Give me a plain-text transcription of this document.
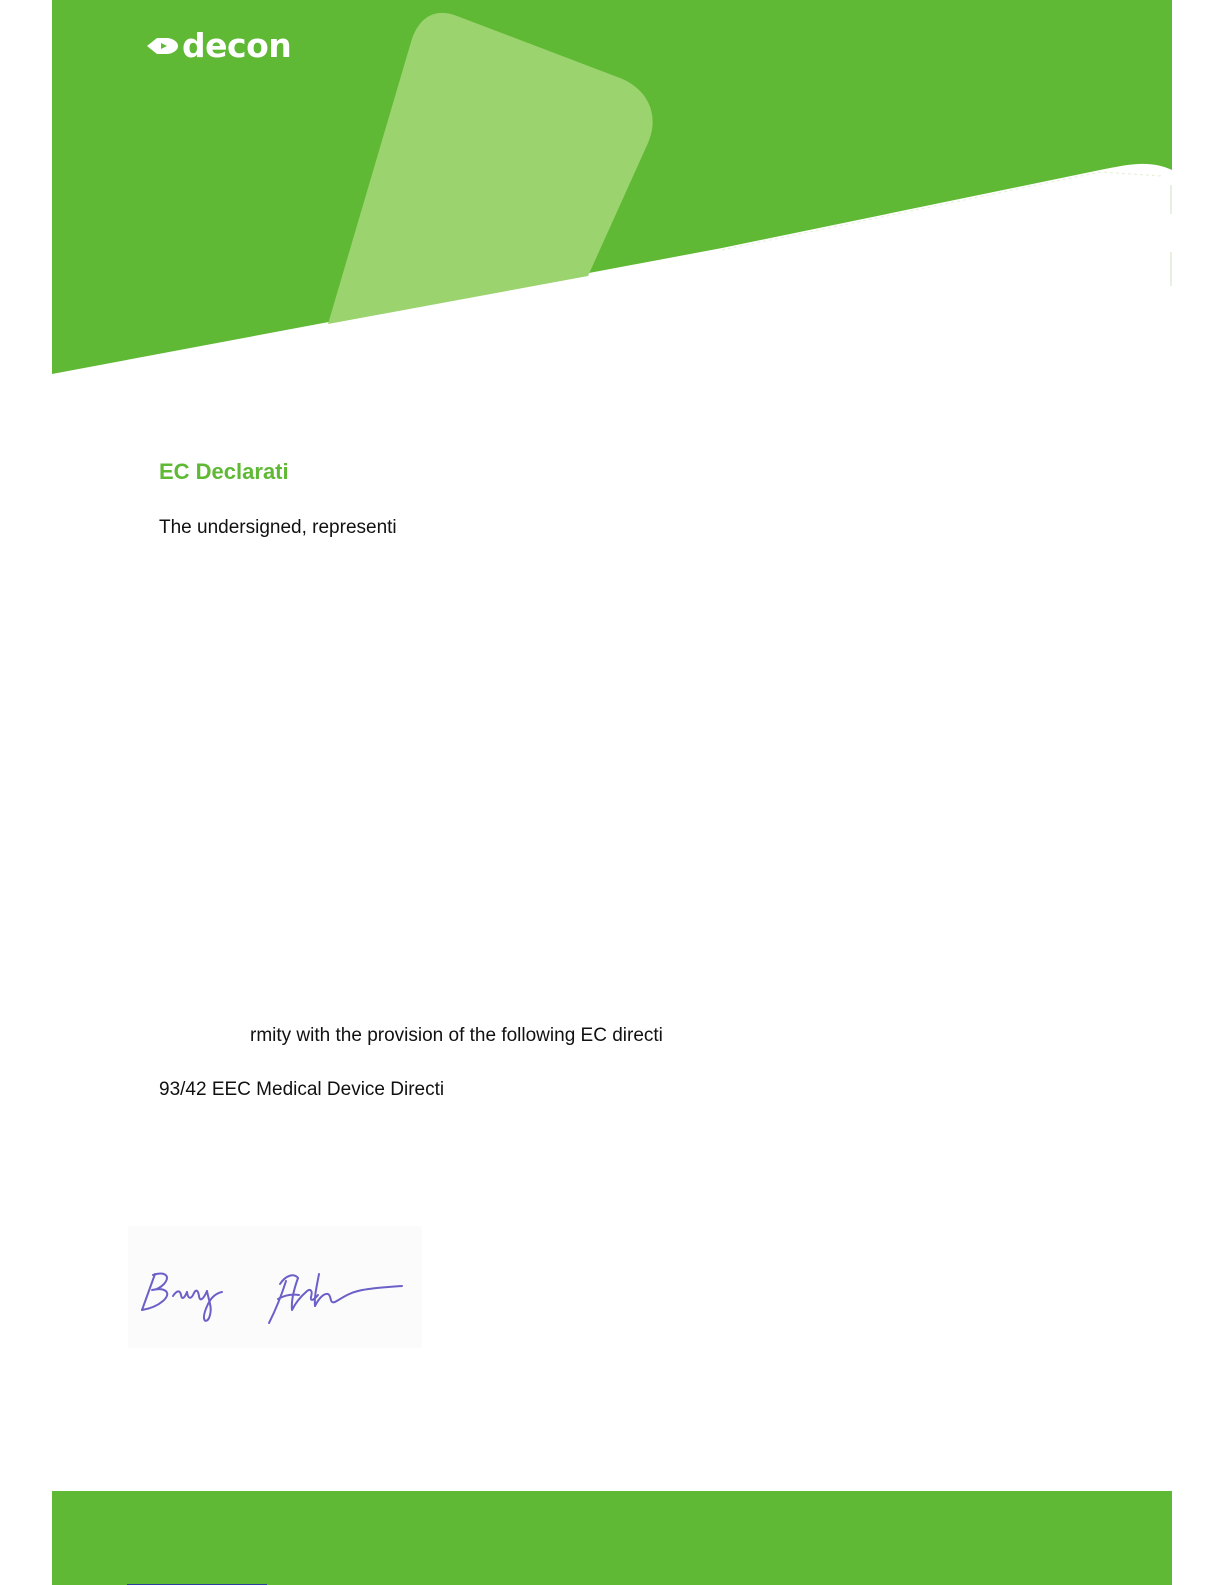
decon
EC Declarati

The undersigned, representi

rmity with the provision of the following EC directi

93/42 EEC Medical Device Directi
